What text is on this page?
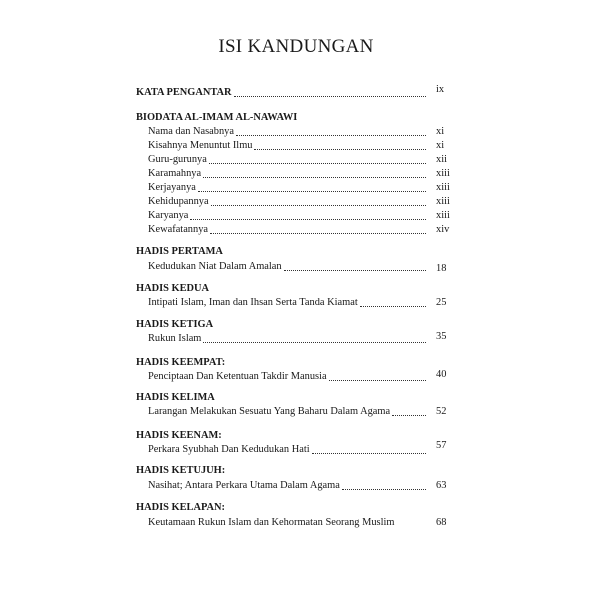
ISI KANDUNGAN
KATA PENGANTAR	ix
BIODATA AL-IMAM AL-NAWAWI
Nama dan Nasabnya	xi
Kisahnya Menuntut Ilmu	xi
Guru-gurunya	xii
Karamahnya	xiii
Kerjayanya	xiii
Kehidupannya	xiii
Karyanya	xiii
Kewafatannya	xiv
HADIS PERTAMA
Kedudukan Niat Dalam Amalan	18
HADIS KEDUA
Intipati Islam, Iman dan Ihsan Serta Tanda Kiamat	25
HADIS KETIGA
Rukun Islam	35
HADIS KEEMPAT:
Penciptaan Dan Ketentuan Takdir Manusia	40
HADIS KELIMA
Larangan Melakukan Sesuatu Yang Baharu Dalam Agama	52
HADIS KEENAM:
Perkara Syubhah Dan Kedudukan Hati	57
HADIS KETUJUH:
Nasihat; Antara Perkara Utama Dalam Agama	63
HADIS KELAPAN:
Keutamaan Rukun Islam dan Kehormatan Seorang Muslim	68
